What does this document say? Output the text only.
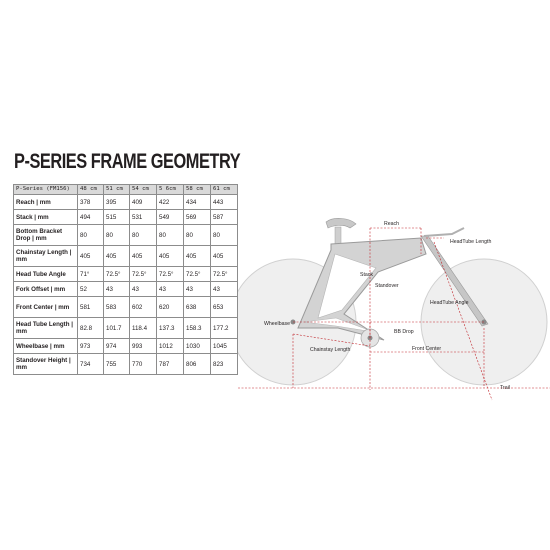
P-SERIES FRAME GEOMETRY
P-Series (FM156)	48 cm	51 cm	54 cm	5 6cm	58 cm	61 cm
Reach | mm	378	395	409	422	434	443
Stack | mm	494	515	531	549	569	587
Bottom Bracket Drop | mm	80	80	80	80	80	80
Chainstay Length | mm	405	405	405	405	405	405
Head Tube Angle	71°	72.5°	72.5°	72.5°	72.5°	72.5°
Fork Offset | mm	52	43	43	43	43	43
Front Center | mm	581	583	602	620	638	653
Head Tube Length | mm	82.8	101.7	118.4	137.3	158.3	177.2
Wheelbase | mm	973	974	993	1012	1030	1045
Standover Height | mm	734	755	770	787	806	823
Reach
HeadTube Length
Stack
Standover
HeadTube Angle
Wheelbase
BB Drop
Chainstay Length	Front Center
Trail
